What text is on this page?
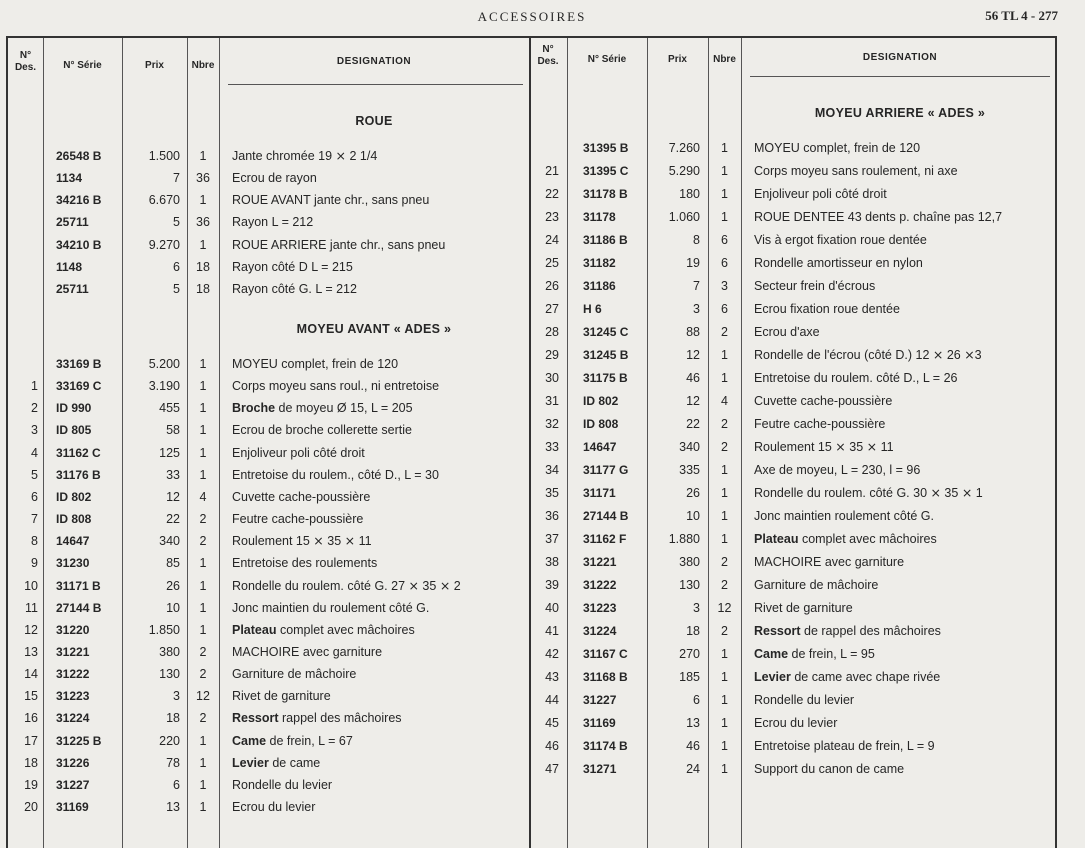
ACCESSOIRES	56 TL 4 - 277
N°
Des.	N° Série	Prix	Nbre	DESIGNATION
N°
Des.	N° Série	Prix	Nbre	DESIGNATION
ROUE
26548 B	1.500	1	Jante chromée 19 ⨯ 2 1/4
1134	7	36	Ecrou de rayon
34216 B	6.670	1	ROUE AVANT jante chr., sans pneu
25711	5	36	Rayon L = 212
34210 B	9.270	1	ROUE ARRIERE jante chr., sans pneu
1148	6	18	Rayon côté D L = 215
25711	5	18	Rayon côté G. L = 212
MOYEU AVANT « ADES »
33169 B	5.200	1	MOYEU complet, frein de 120
1 33169 C	3.190	1	Corps moyeu sans roul., ni entretoise
2 ID 990	455	1	Broche de moyeu Ø 15, L = 205
3 ID 805	58	1	Ecrou de broche collerette sertie
4 31162 C	125	1	Enjoliveur poli côté droit
5 31176 B	33	1	Entretoise du roulem., côté D., L = 30
6 ID 802	12	4	Cuvette cache-poussière
7 ID 808	22	2	Feutre cache-poussière
8 14647	340	2	Roulement 15 ⨯ 35 ⨯ 11
9 31230	85	1	Entretoise des roulements
10 31171 B	26	1	Rondelle du roulem. côté G. 27 ⨯ 35 ⨯ 2
11 27144 B	10	1	Jonc maintien du roulement côté G.
12 31220	1.850	1	Plateau complet avec mâchoires
13 31221	380	2	MACHOIRE avec garniture
14 31222	130	2	Garniture de mâchoire
15 31223	3	12	Rivet de garniture
16 31224	18	2	Ressort rappel des mâchoires
17 31225 B	220	1	Came de frein, L = 67
18 31226	78	1	Levier de came
19 31227	6	1	Rondelle du levier
20 31169	13	1	Ecrou du levier
MOYEU ARRIERE « ADES »
31395 B	7.260	1	MOYEU complet, frein de 120
21 31395 C	5.290	1	Corps moyeu sans roulement, ni axe
22 31178 B	180	1	Enjoliveur poli côté droit
23 31178	1.060	1	ROUE DENTEE 43 dents p. chaîne pas 12,7
24 31186 B	8	6	Vis à ergot fixation roue dentée
25 31182	19	6	Rondelle amortisseur en nylon
26 31186	7	3	Secteur frein d'écrous
27 H 6	3	6	Ecrou fixation roue dentée
28 31245 C	88	2	Ecrou d'axe
29 31245 B	12	1	Rondelle de l'écrou (côté D.) 12 ⨯ 26 ⨯3
30 31175 B	46	1	Entretoise du roulem. côté D., L = 26
31 ID 802	12	4	Cuvette cache-poussière
32 ID 808	22	2	Feutre cache-poussière
33 14647	340	2	Roulement 15 ⨯ 35 ⨯ 11
34 31177 G	335	1	Axe de moyeu, L = 230, l = 96
35 31171	26	1	Rondelle du roulem. côté G. 30 ⨯ 35 ⨯ 1
36 27144 B	10	1	Jonc maintien roulement côté G.
37 31162 F	1.880	1	Plateau complet avec mâchoires
38 31221	380	2	MACHOIRE avec garniture
39 31222	130	2	Garniture de mâchoire
40 31223	3	12	Rivet de garniture
41 31224	18	2	Ressort de rappel des mâchoires
42 31167 C	270	1	Came de frein, L = 95
43 31168 B	185	1	Levier de came avec chape rivée
44 31227	6	1	Rondelle du levier
45 31169	13	1	Ecrou du levier
46 31174 B	46	1	Entretoise plateau de frein, L = 9
47 31271	24	1	Support du canon de came
